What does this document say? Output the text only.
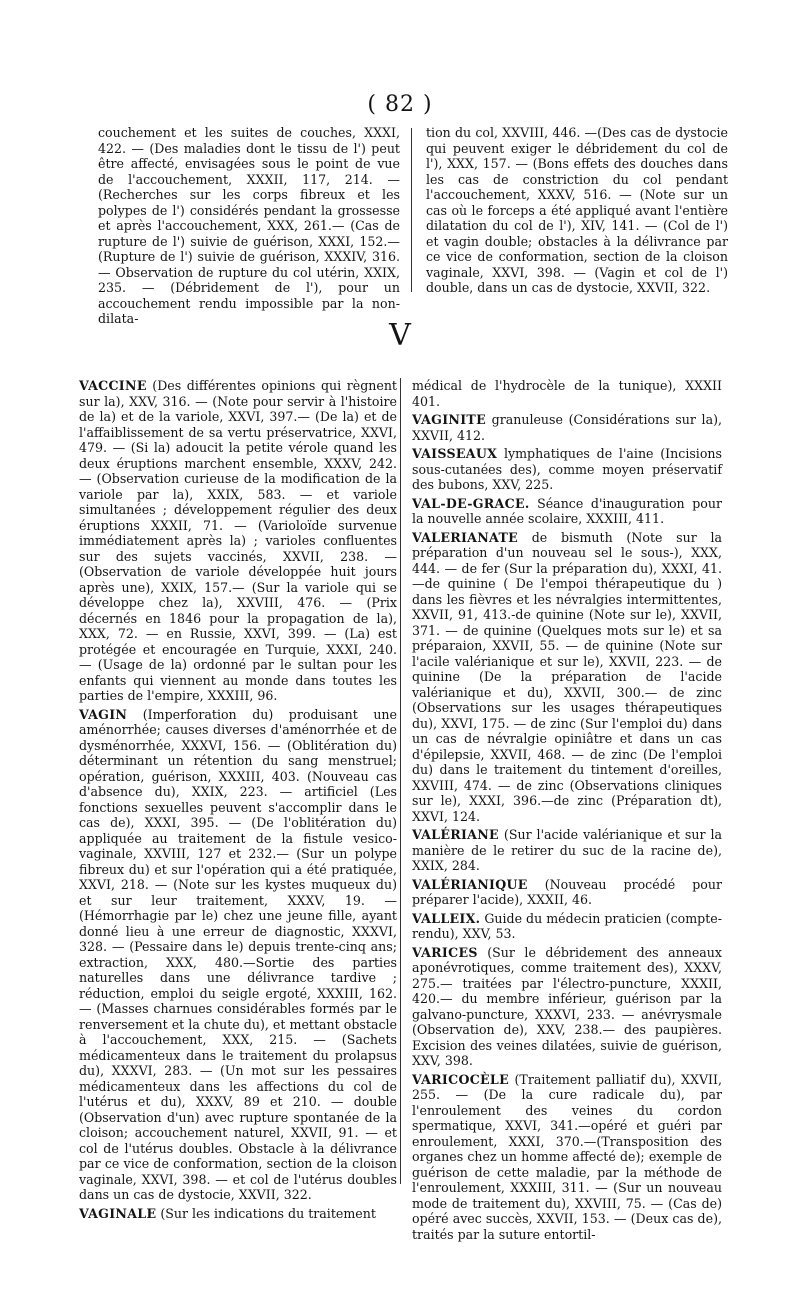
( 82 )

couchement et les suites de couches, XXXI, 422. — (Des maladies dont le tissu de l') peut être affecté, envisagées sous le point de vue de l'accouchement, XXXII, 117, 214. — (Recherches sur les corps fibreux et les polypes de l') considérés pendant la grossesse et après l'accouchement, XXX, 261.— (Cas de rupture de l') suivie de guérison, XXXI, 152.—(Rupture de l') suivie de guérison, XXXIV, 316.— Observation de rupture du col utérin, XXIX, 235. — (Débridement de l'), pour un accouchement rendu impossible par la non-dilata-

tion du col, XXVIII, 446. —(Des cas de dystocie qui peuvent exiger le débridement du col de l'), XXX, 157. — (Bons effets des douches dans les cas de constriction du col pendant l'accouchement, XXXV, 516. — (Note sur un cas où le forceps a été appliqué avant l'entière dilatation du col de l'), XIV, 141. — (Col de l') et vagin double; obstacles à la délivrance par ce vice de conformation, section de la cloison vaginale, XXVI, 398. — (Vagin et col de l') double, dans un cas de dystocie, XXVII, 322.

V

VACCINE (Des différentes opinions qui règnent sur la), XXV, 316. — (Note pour servir à l'histoire de la) et de la variole, XXVI, 397.— (De la) et de l'affaiblissement de sa vertu préservatrice, XXVI, 479. — (Si la) adoucit la petite vérole quand les deux éruptions marchent ensemble, XXXV, 242. — (Observation curieuse de la modification de la variole par la), XXIX, 583. — et variole simultanées ; développement régulier des deux éruptions XXXII, 71. — (Varioloïde survenue immédiatement après la) ; varioles confluentes sur des sujets vaccinés, XXVII, 238. — (Observation de variole développée huit jours après une), XXIX, 157.— (Sur la variole qui se développe chez la), XXVIII, 476. — (Prix décernés en 1846 pour la propagation de la), XXX, 72. — en Russie, XXVI, 399. — (La) est protégée et encouragée en Turquie, XXXI, 240. — (Usage de la) ordonné par le sultan pour les enfants qui viennent au monde dans toutes les parties de l'empire, XXXIII, 96.

VAGIN (Imperforation du) produisant une aménorrhée; causes diverses d'aménorrhée et de dysménorrhée, XXXVI, 156. — (Oblitération du) déterminant un rétention du sang menstruel; opération, guérison, XXXIII, 403. (Nouveau cas d'absence du), XXIX, 223. — artificiel (Les fonctions sexuelles peuvent s'accomplir dans le cas de), XXXI, 395. — (De l'oblitération du) appliquée au traitement de la fistule vesico-vaginale, XXVIII, 127 et 232.— (Sur un polype fibreux du) et sur l'opération qui a été pratiquée, XXVI, 218. — (Note sur les kystes muqueux du) et sur leur traitement, XXXV, 19. — (Hémorrhagie par le) chez une jeune fille, ayant donné lieu à une erreur de diagnostic, XXXVI, 328. — (Pessaire dans le) depuis trente-cinq ans; extraction, XXX, 480.—Sortie des parties naturelles dans une délivrance tardive ; réduction, emploi du seigle ergoté, XXXIII, 162. — (Masses charnues considérables formés par le renversement et la chute du), et mettant obstacle à l'accouchement, XXX, 215. — (Sachets médicamenteux dans le traitement du prolapsus du), XXXVI, 283. — (Un mot sur les pessaires médicamenteux dans les affections du col de l'utérus et du), XXXV, 89 et 210. — double (Observation d'un) avec rupture spontanée de la cloison; accouchement naturel, XXVII, 91. — et col de l'utérus doubles. Obstacle à la délivrance par ce vice de conformation, section de la cloison vaginale, XXVI, 398. — et col de l'utérus doubles dans un cas de dystocie, XXVII, 322.

VAGINALE (Sur les indications du traitement

médical de l'hydrocèle de la tunique), XXXII 401.

VAGINITE granuleuse (Considérations sur la), XXVII, 412.

VAISSEAUX lymphatiques de l'aine (Incisions sous-cutanées des), comme moyen préservatif des bubons, XXV, 225.

VAL-DE-GRACE. Séance d'inauguration pour la nouvelle année scolaire, XXXIII, 411.

VALERIANATE de bismuth (Note sur la préparation d'un nouveau sel le sous-), XXX, 444. — de fer (Sur la préparation du), XXXI, 41.—de quinine ( De l'empoi thérapeutique du ) dans les fièvres et les névralgies intermittentes, XXVII, 91, 413.-de quinine (Note sur le), XXVII, 371. — de quinine (Quelques mots sur le) et sa préparaion, XXVII, 55. — de quinine (Note sur l'acile valérianique et sur le), XXVII, 223. — de quinine (De la préparation de l'acide valérianique et du), XXVII, 300.— de zinc (Observations sur les usages thérapeutiques du), XXVI, 175. — de zinc (Sur l'emploi du) dans un cas de névralgie opiniâtre et dans un cas d'épilepsie, XXVII, 468. — de zinc (De l'emploi du) dans le traitement du tintement d'oreilles, XXVIII, 474. — de zinc (Observations cliniques sur le), XXXI, 396.—de zinc (Préparation dt), XXVI, 124.

VALÉRIANE (Sur l'acide valérianique et sur la manière de le retirer du suc de la racine de), XXIX, 284.

VALÉRIANIQUE (Nouveau procédé pour préparer l'acide), XXXII, 46.

VALLEIX. Guide du médecin praticien (compte-rendu), XXV, 53.

VARICES (Sur le débridement des anneaux aponévrotiques, comme traitement des), XXXV, 275.— traitées par l'électro-puncture, XXXII, 420.— du membre inférieur, guérison par la galvano-puncture, XXXVI, 233. — anévrysmale (Observation de), XXV, 238.— des paupières. Excision des veines dilatées, suivie de guérison, XXV, 398.

VARICOCÈLE (Traitement palliatif du), XXVII, 255. — (De la cure radicale du), par l'enroulement des veines du cordon spermatique, XXVI, 341.—opéré et guéri par enroulement, XXXI, 370.—(Transposition des organes chez un homme affecté de); exemple de guérison de cette maladie, par la méthode de l'enroulement, XXXIII, 311. — (Sur un nouveau mode de traitement du), XXVIII, 75. — (Cas de) opéré avec succès, XXVII, 153. — (Deux cas de), traités par la suture entortil-
